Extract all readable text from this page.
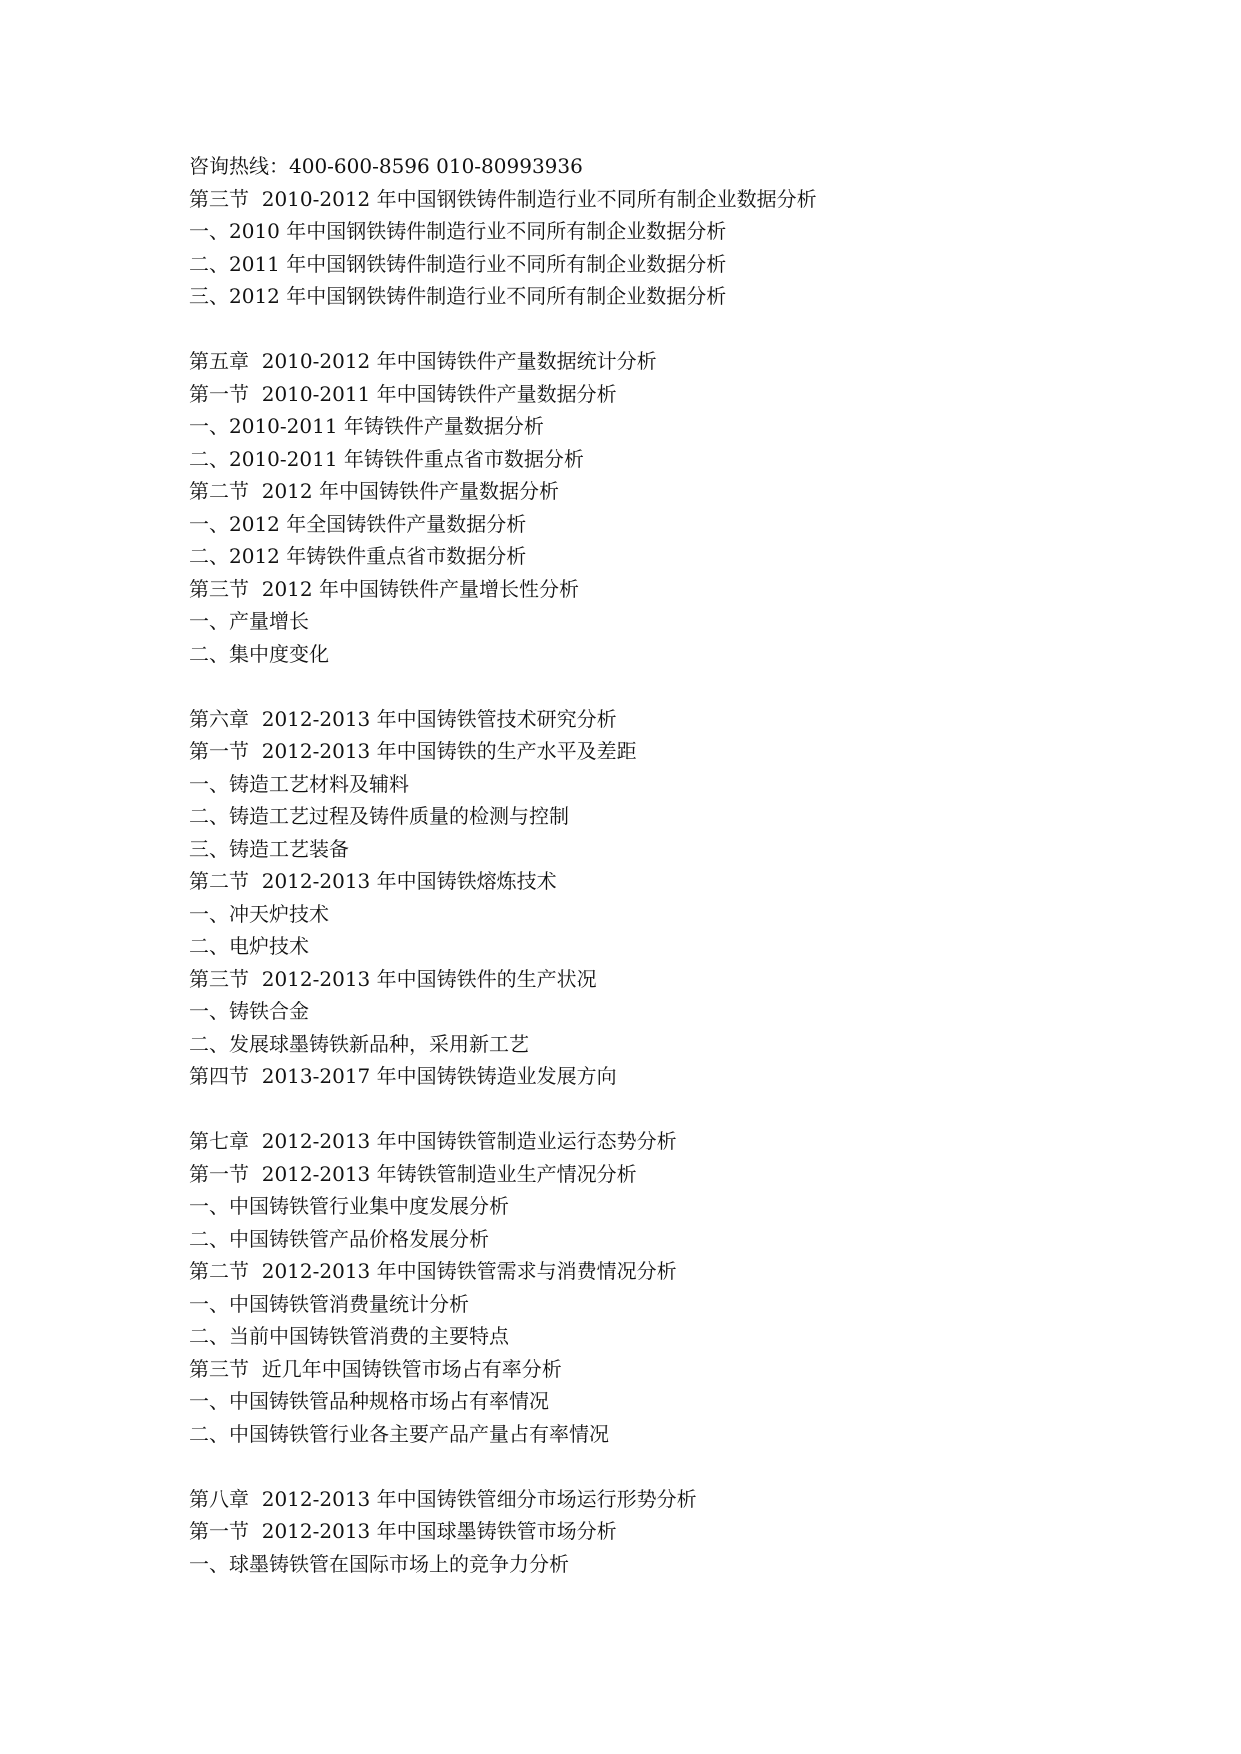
咨询热线：400-600-8596 010-80993936
第三节  2010-2012 年中国钢铁铸件制造行业不同所有制企业数据分析
一、2010 年中国钢铁铸件制造行业不同所有制企业数据分析
二、2011 年中国钢铁铸件制造行业不同所有制企业数据分析
三、2012 年中国钢铁铸件制造行业不同所有制企业数据分析
第五章  2010-2012 年中国铸铁件产量数据统计分析
第一节  2010-2011 年中国铸铁件产量数据分析
一、2010-2011 年铸铁件产量数据分析
二、2010-2011 年铸铁件重点省市数据分析
第二节  2012 年中国铸铁件产量数据分析
一、2012 年全国铸铁件产量数据分析
二、2012 年铸铁件重点省市数据分析
第三节  2012 年中国铸铁件产量增长性分析
一、产量增长
二、集中度变化
第六章  2012-2013 年中国铸铁管技术研究分析
第一节  2012-2013 年中国铸铁的生产水平及差距
一、铸造工艺材料及辅料
二、铸造工艺过程及铸件质量的检测与控制
三、铸造工艺装备
第二节  2012-2013 年中国铸铁熔炼技术
一、冲天炉技术
二、电炉技术
第三节  2012-2013 年中国铸铁件的生产状况
一、铸铁合金
二、发展球墨铸铁新品种，采用新工艺
第四节  2013-2017 年中国铸铁铸造业发展方向
第七章  2012-2013 年中国铸铁管制造业运行态势分析
第一节  2012-2013 年铸铁管制造业生产情况分析
一、中国铸铁管行业集中度发展分析
二、中国铸铁管产品价格发展分析
第二节  2012-2013 年中国铸铁管需求与消费情况分析
一、中国铸铁管消费量统计分析
二、当前中国铸铁管消费的主要特点
第三节  近几年中国铸铁管市场占有率分析
一、中国铸铁管品种规格市场占有率情况
二、中国铸铁管行业各主要产品产量占有率情况
第八章  2012-2013 年中国铸铁管细分市场运行形势分析
第一节  2012-2013 年中国球墨铸铁管市场分析
一、球墨铸铁管在国际市场上的竞争力分析
